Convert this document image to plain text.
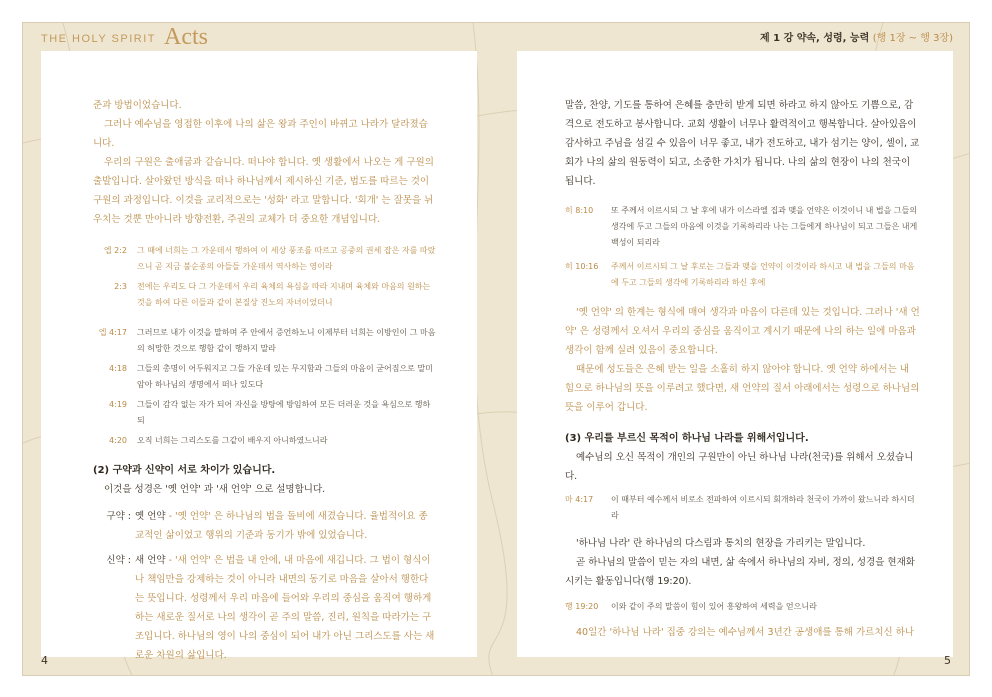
THE HOLY SPIRIT Acts	제 1 강 약속, 성령, 능력 (행 1장 ~ 행 3장)

준과 방법이었습니다.

그러나 예수님을 영접한 이후에 나의 삶은 왕과 주인이 바뀌고 나라가 달라졌습니다.

우리의 구원은 출애굽과 같습니다. 떠나야 합니다. 옛 생활에서 나오는 게 구원의 출발입니다. 살아왔던 방식을 떠나 하나님께서 제시하신 기준, 법도를 따르는 것이 구원의 과정입니다. 이것을 교리적으로는 '성화' 라고 말합니다. '회개' 는 잘못을 뉘우치는 것뿐 만아니라 방향전환, 주권의 교체가 더 중요한 개념입니다.

엡 2:2	그 때에 너희는 그 가운데서 행하여 이 세상 풍조를 따르고 공중의 권세 잡은 자를 따랐으니 곧 지금 불순종의 아들들 가운데서 역사하는 영이라
2:3	전에는 우리도 다 그 가운데서 우리 육체의 욕심을 따라 지내며 육체와 마음의 원하는 것을 하여 다른 이들과 같이 본질상 진노의 자녀이었더니
엡 4:17	그러므로 내가 이것을 말하며 주 안에서 증언하노니 이제부터 너희는 이방인이 그 마음의 허망한 것으로 행함 같이 행하지 말라
4:18	그들의 총명이 어두워지고 그들 가운데 있는 무지함과 그들의 마음이 굳어짐으로 말미암아 하나님의 생명에서 떠나 있도다
4:19	그들이 감각 없는 자가 되어 자신을 방탕에 방임하여 모든 더러운 것을 욕심으로 행하되
4:20	오직 너희는 그리스도를 그같이 배우지 아니하였느니라

(2) 구약과 신약이 서로 차이가 있습니다.

이것을 성경은 '옛 언약' 과 '새 언약' 으로 설명합니다.

구약 : 옛 언약 - '옛 언약' 은 하나님의 법을 돌비에 새겼습니다. 율법적이요 종교적인 삶이었고 행위의 기준과 동기가 밖에 있었습니다.
신약 : 새 언약 - '새 언약' 은 법을 내 안에, 내 마음에 새깁니다. 그 법이 형식이나 책임만을 강제하는 것이 아니라 내면의 동기로 마음을 살아서 행한다는 뜻입니다. 성령께서 우리 마음에 들어와 우리의 중심을 움직여 행하게 하는 새로운 질서로 나의 생각이 곧 주의 말씀, 진리, 원칙을 따라가는 구조입니다. 하나님의 영이 나의 중심이 되어 내가 아닌 그리스도를 사는 새로운 차원의 삶입니다.

말씀, 찬양, 기도를 통하여 은혜를 충만히 받게 되면 하라고 하지 않아도 기쁨으로, 감격으로 전도하고 봉사합니다. 교회 생활이 너무나 활력적이고 행복합니다. 살아있음이 감사하고 주님을 섬길 수 있음이 너무 좋고, 내가 전도하고, 내가 섬기는 양이, 셀이, 교회가 나의 삶의 원동력이 되고, 소중한 가치가 됩니다. 나의 삶의 현장이 나의 천국이 됩니다.

히 8:10	또 주께서 이르시되 그 날 후에 내가 이스라엘 집과 맺을 언약은 이것이니 내 법을 그들의 생각에 두고 그들의 마음에 이것을 기록하리라 나는 그들에게 하나님이 되고 그들은 내게 백성이 되리라
히 10:16	주께서 이르시되 그 날 후로는 그들과 맺을 언약이 이것이라 하시고 내 법을 그들의 마음에 두고 그들의 생각에 기록하리라 하신 후에

'옛 언약' 의 한계는 형식에 매여 생각과 마음이 다른데 있는 것입니다. 그러나 '새 언약' 은 성령께서 오셔서 우리의 중심을 움직이고 계시기 때문에 나의 하는 일에 마음과 생각이 함께 실려 있음이 중요합니다.

때문에 성도들은 은혜 받는 일을 소홀히 하지 않아야 합니다. 옛 언약 하에서는 내 힘으로 하나님의 뜻을 이루려고 했다면, 새 언약의 질서 아래에서는 성령으로 하나님의 뜻을 이루어 갑니다.

(3) 우리를 부르신 목적이 하나님 나라를 위해서입니다.

예수님의 오신 목적이 개인의 구원만이 아닌 하나님 나라(천국)를 위해서 오셨습니다.

마 4:17	이 때부터 예수께서 비로소 전파하여 이르시되 회개하라 천국이 가까이 왔느니라 하시더라

'하나님 나라' 란 하나님의 다스림과 통치의 현장을 가리키는 말입니다.

곧 하나님의 말씀이 믿는 자의 내면, 삶 속에서 하나님의 자비, 정의, 성경을 현재화 시키는 활동입니다(행 19:20).

행 19:20	이와 같이 주의 말씀이 힘이 있어 흥왕하여 세력을 얻으니라

40일간 '하나님 나라' 집중 강의는 예수님께서 3년간 공생애를 통해 가르치신 하나

4	5
